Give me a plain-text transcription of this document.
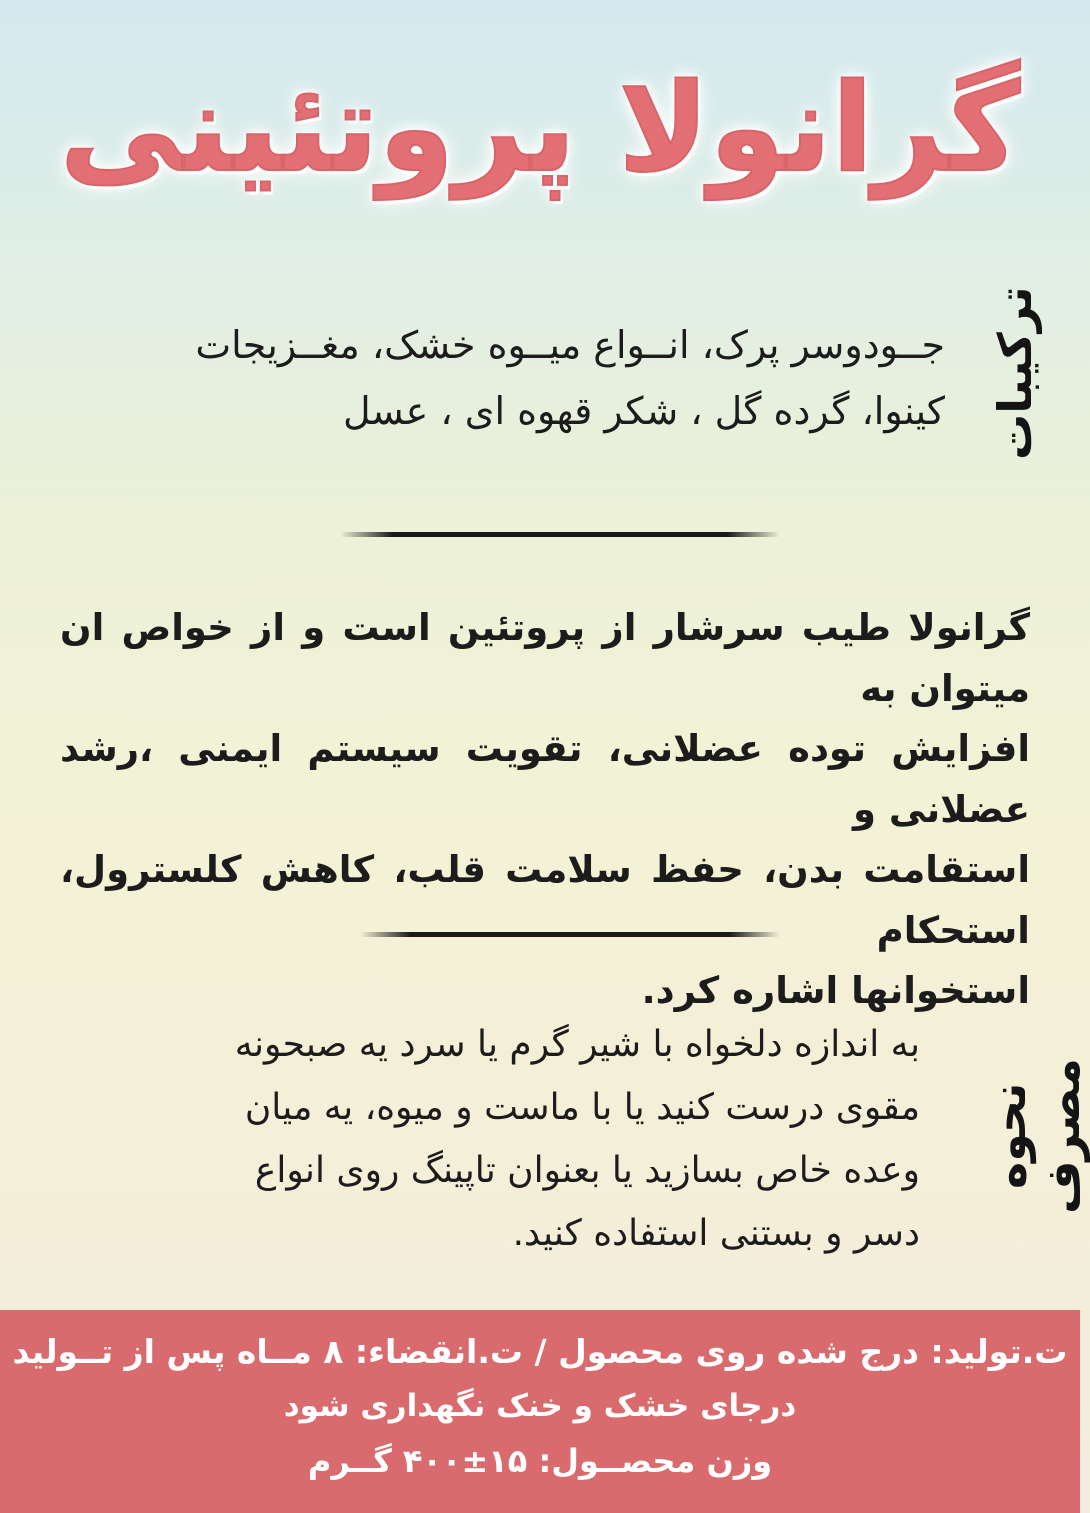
گرانولا پروتئینی
ترکیبات
جــودوسر پرک، انــواع میــوه خشک، مغــزیجات
کینوا، گرده گل ، شکر قهوه ای ، عسل
گرانولا طیب سرشار از پروتئین است و از خواص ان میتوان به
افزایش توده عضلانی، تقویت سیستم ایمنی ،رشد عضلانی و
استقامت بدن، حفظ سلامت قلب، کاهش کلسترول، استحکام
استخوانها اشاره کرد.
نحوه مصرف
به اندازه دلخواه با شیر گرم یا سرد یه صبحونه
مقوی درست کنید یا با ماست و میوه، یه میان
وعده خاص بسازید یا بعنوان تاپینگ روی انواع
دسر و بستنی استفاده کنید.
ت.تولید: درج شده روی محصول / ت.انقضاء: ۸ مــاه پس از تــولید
درجای خشک و خنک نگهداری شود
وزن محصــول: ۱۵±۴۰۰ گــرم
